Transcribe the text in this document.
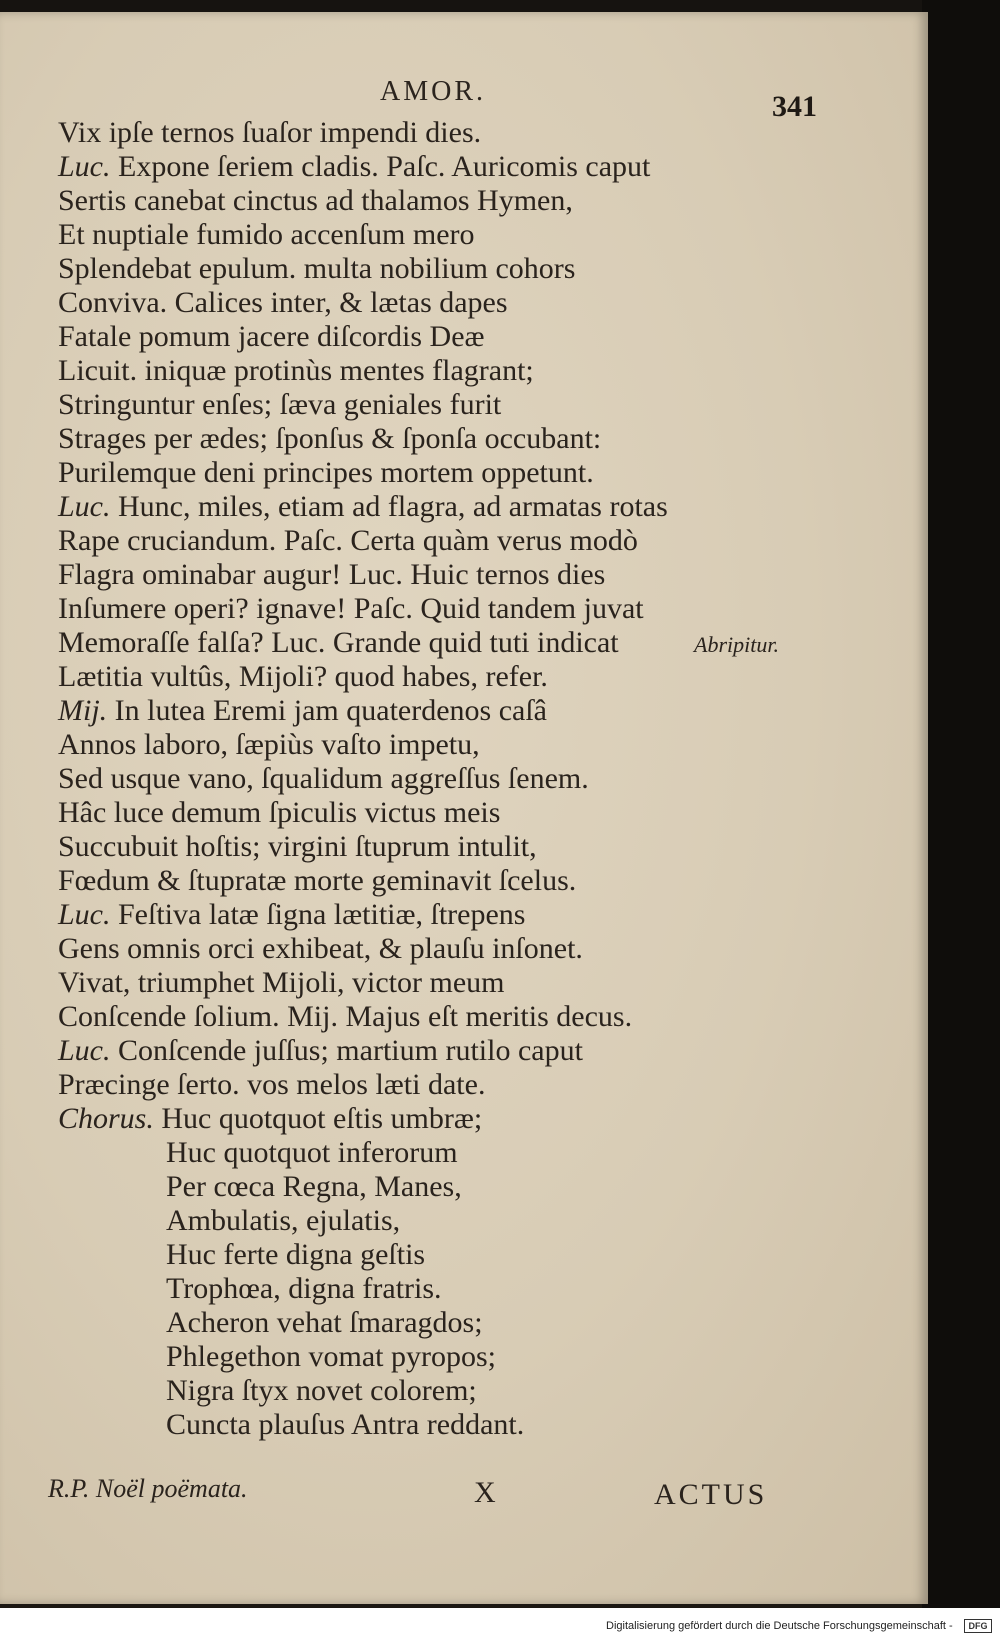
AMOR.	341
Vix ipſe ternos ſuaſor impendi dies.
Luc. Expone ſeriem cladis. Paſc. Auricomis caput
Sertis canebat cinctus ad thalamos Hymen,
Et nuptiale fumido accenſum mero
Splendebat epulum. multa nobilium cohors
Conviva. Calices inter, & lætas dapes
Fatale pomum jacere diſcordis Deæ
Licuit. iniquæ protinùs mentes flagrant;
Stringuntur enſes; ſæva geniales furit
Strages per ædes; ſponſus & ſponſa occubant:
Purilemque deni principes mortem oppetunt.
Luc. Hunc, miles, etiam ad flagra, ad armatas rotas
Rape cruciandum. Paſc. Certa quàm verus modò
Flagra ominabar augur! Luc. Huic ternos dies
Inſumere operi? ignave! Paſc. Quid tandem juvat
Memoraſſe falſa? Luc. Grande quid tuti indicat
Lætitia vultûs, Mijoli? quod habes, refer.
Mij. In lutea Eremi jam quaterdenos caſâ
Annos laboro, ſæpiùs vaſto impetu,
Sed usque vano, ſqualidum aggreſſus ſenem.
Hâc luce demum ſpiculis victus meis
Succubuit hoſtis; virgini ſtuprum intulit,
Fœdum & ſtupratæ morte geminavit ſcelus.
Luc. Feſtiva latæ ſigna lætitiæ, ſtrepens
Gens omnis orci exhibeat, & plauſu inſonet.
Vivat, triumphet Mijoli, victor meum
Conſcende ſolium. Mij. Majus eſt meritis decus.
Luc. Conſcende juſſus; martium rutilo caput
Præcinge ſerto. vos melos læti date.
Chorus. Huc quotquot eſtis umbræ;
Huc quotquot inferorum
Per cœca Regna, Manes,
Ambulatis, ejulatis,
Huc ferte digna geſtis
Trophœa, digna fratris.
Acheron vehat ſmaragdos;
Phlegethon vomat pyropos;
Nigra ſtyx novet colorem;
Cuncta plauſus Antra reddant.
Abripitur.
R.P. Noël poëmata.	X	ACTUS
Digitalisierung gefördert durch die Deutsche Forschungsgemeinschaft -	DFG
